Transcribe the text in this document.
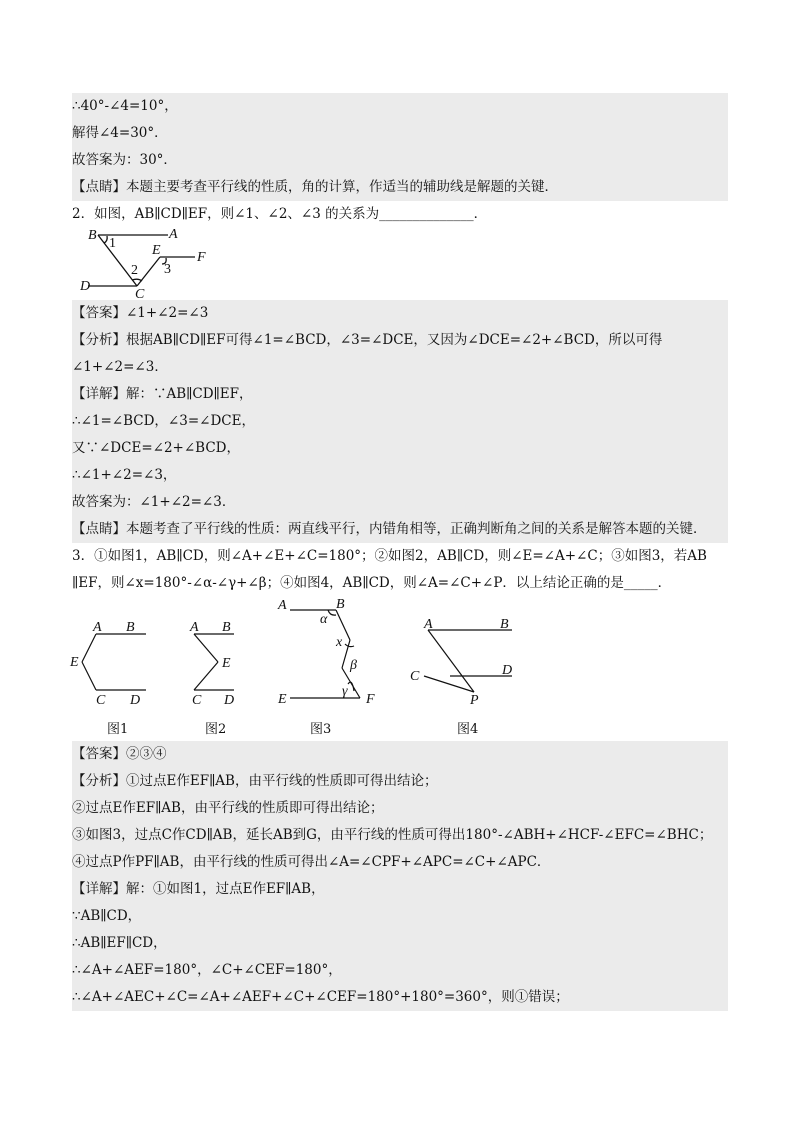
∴40°-∠4=10°，
解得∠4=30°．
故答案为：30°．
【点睛】本题主要考查平行线的性质，角的计算，作适当的辅助线是解题的关键．
2．如图，AB∥CD∥EF，则∠1、∠2、∠3 的关系为______________．
B	A
E	F
D
C
1
2 3
【答案】∠1+∠2=∠3
【分析】根据AB∥CD∥EF可得∠1=∠BCD，∠3=∠DCE，又因为∠DCE=∠2+∠BCD，所以可得
∠1+∠2=∠3．
【详解】解：∵AB∥CD∥EF，
∴∠1=∠BCD，∠3=∠DCE，
又∵∠DCE=∠2+∠BCD，
∴∠1+∠2=∠3，
故答案为：∠1+∠2=∠3．
【点睛】本题考查了平行线的性质：两直线平行，内错角相等，正确判断角之间的关系是解答本题的关键．
3．①如图1，AB∥CD，则∠A+∠E+∠C=180°；②如图2，AB∥CD，则∠E=∠A+∠C；③如图3，若AB
∥EF，则∠x=180°-∠α-∠γ+∠β；④如图4，AB∥CD，则∠A=∠C+∠P．以上结论正确的是_____．
A B
E
C D
图1
A B
E
C D
图2
A	B
α
x
β
γ
E	F
图3
A	B
C	D
P
图4
【答案】②③④
【分析】①过点E作EF∥AB，由平行线的性质即可得出结论；
②过点E作EF∥AB，由平行线的性质即可得出结论；
③如图3，过点C作CD∥AB，延长AB到G，由平行线的性质可得出180°-∠ABH+∠HCF-∠EFC=∠BHC；
④过点P作PF∥AB，由平行线的性质可得出∠A=∠CPF+∠APC=∠C+∠APC．
【详解】解：①如图1，过点E作EF∥AB，
∵AB∥CD，
∴AB∥EF∥CD，
∴∠A+∠AEF=180°，∠C+∠CEF=180°，
∴∠A+∠AEC+∠C=∠A+∠AEF+∠C+∠CEF=180°+180°=360°，则①错误；
